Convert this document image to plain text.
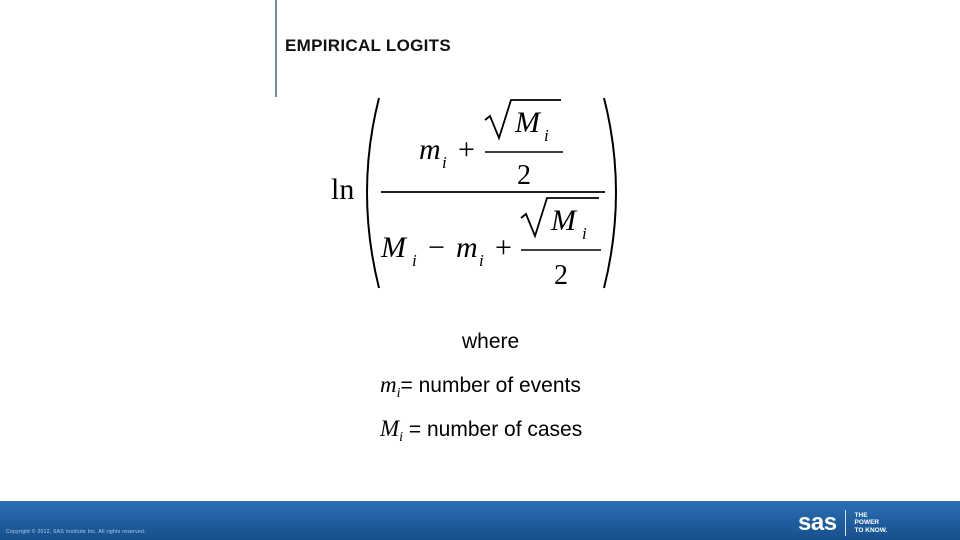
EMPIRICAL LOGITS
ln
m i +
M i
2
M i − m i +
M i
2
where
$m_i=$ number of events
$M_i$ = number of cases
Copyright © 2012, SAS Institute Inc. All rights reserved.	sas	THE
POWER
TO KNOW.
